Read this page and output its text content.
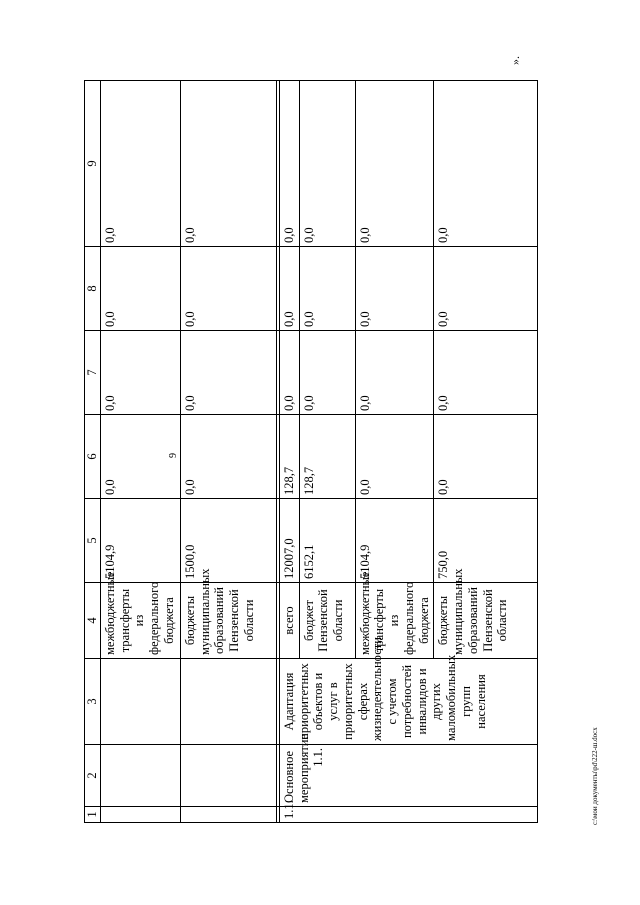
9
1	2	3	4	5	6	7	8	9
			межбюджетные трансферты из федерального бюджета	5104,9	0,0	0,0	0,0	0,0
			бюджеты муниципальных образований Пензенской области	1500,0	0,0	0,0	0,0	0,0

1.1.	Основное мероприятие 1.1.	Адаптация приоритетных объектов и услуг в приоритетных сферах жизнедеятельности с учетом потребностей инвалидов и других маломобильных групп населения	всего	12007,0	128,7	0,0	0,0	0,0
			бюджет Пензенской области	6152,1	128,7	0,0	0,0	0,0
			межбюджетные трансферты из федерального бюджета	5104,9	0,0	0,0	0,0	0,0
			бюджеты муниципальных образований Пензенской области	750,0	0,0	0,0	0,0	0,0
».
c:\мои документы\рd\222-ш.docx
